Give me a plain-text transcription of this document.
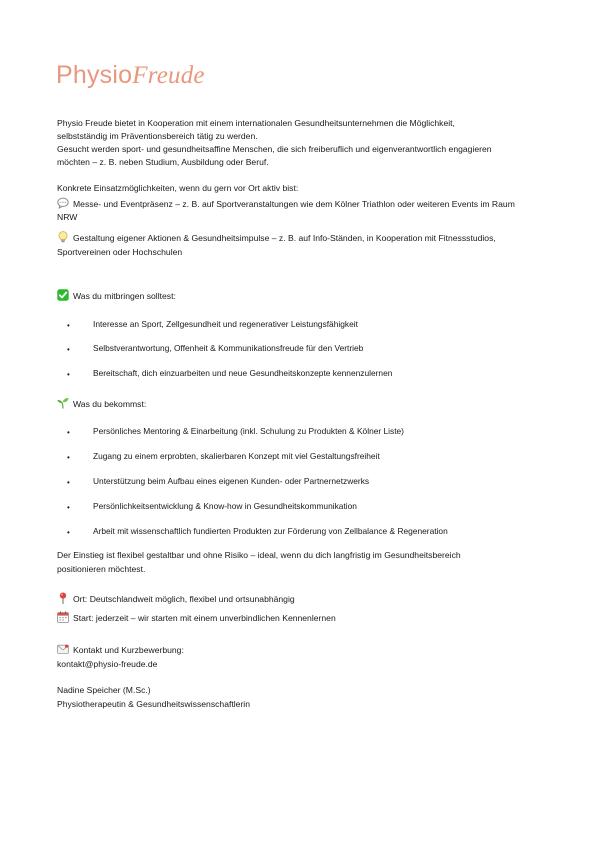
PhysioFreude
Physio Freude bietet in Kooperation mit einem internationalen Gesundheitsunternehmen die Möglichkeit,
selbstständig im Präventionsbereich tätig zu werden.
Gesucht werden sport- und gesundheitsaffine Menschen, die sich freiberuflich und eigenverantwortlich engagieren
möchten – z. B. neben Studium, Ausbildung oder Beruf.
Konkrete Einsatzmöglichkeiten, wenn du gern vor Ort aktiv bist:
Messe- und Eventpräsenz – z. B. auf Sportveranstaltungen wie dem Kölner Triathlon oder weiteren Events im Raum
NRW
Gestaltung eigener Aktionen & Gesundheitsimpulse – z. B. auf Info-Ständen, in Kooperation mit Fitnessstudios,
Sportvereinen oder Hochschulen
Was du mitbringen solltest:
•	Interesse an Sport, Zellgesundheit und regenerativer Leistungsfähigkeit
•	Selbstverantwortung, Offenheit & Kommunikationsfreude für den Vertrieb
•	Bereitschaft, dich einzuarbeiten und neue Gesundheitskonzepte kennenzulernen
Was du bekommst:
•	Persönliches Mentoring & Einarbeitung (inkl. Schulung zu Produkten & Kölner Liste)
•	Zugang zu einem erprobten, skalierbaren Konzept mit viel Gestaltungsfreiheit
•	Unterstützung beim Aufbau eines eigenen Kunden- oder Partnernetzwerks
•	Persönlichkeitsentwicklung & Know-how in Gesundheitskommunikation
•	Arbeit mit wissenschaftlich fundierten Produkten zur Förderung von Zellbalance & Regeneration
Der Einstieg ist flexibel gestaltbar und ohne Risiko – ideal, wenn du dich langfristig im Gesundheitsbereich
positionieren möchtest.
Ort: Deutschlandweit möglich, flexibel und ortsunabhängig
Start: jederzeit – wir starten mit einem unverbindlichen Kennenlernen
Kontakt und Kurzbewerbung:
kontakt@physio-freude.de
Nadine Speicher (M.Sc.)
Physiotherapeutin & Gesundheitswissenschaftlerin
